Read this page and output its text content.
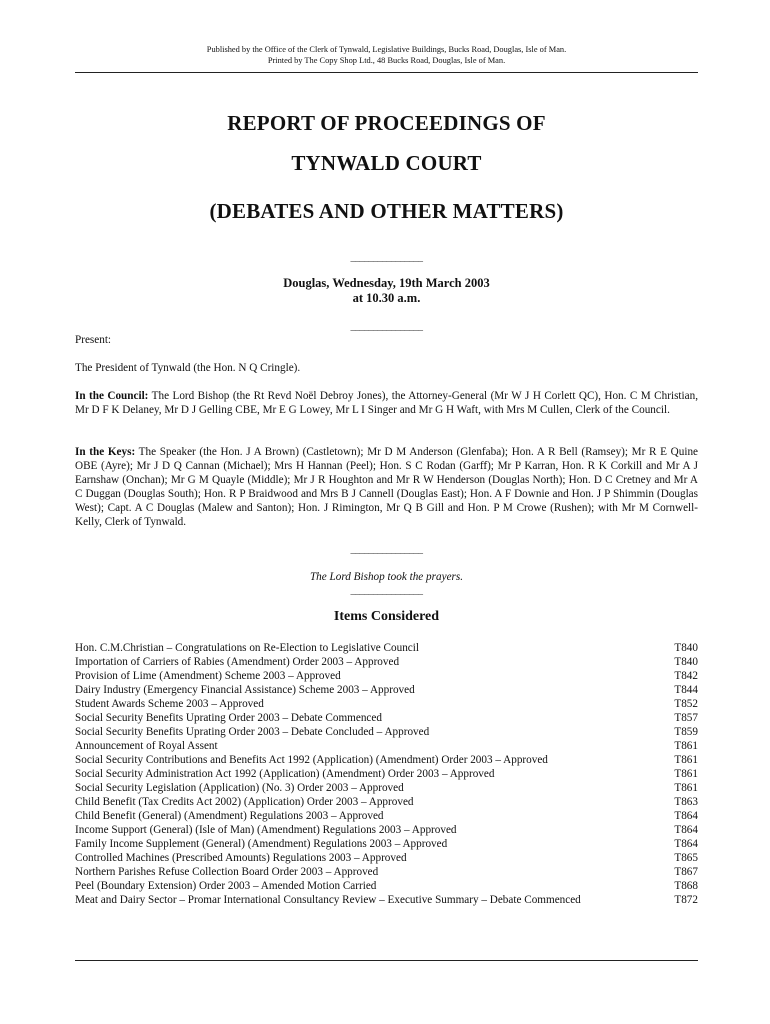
Published by the Office of the Clerk of Tynwald, Legislative Buildings, Bucks Road, Douglas, Isle of Man.
Printed by The Copy Shop Ltd., 48 Bucks Road, Douglas, Isle of Man.
REPORT OF PROCEEDINGS OF
TYNWALD COURT
(DEBATES AND OTHER MATTERS)
________________
Douglas, Wednesday, 19th March 2003
at 10.30 a.m.
________________
Present:
The President of Tynwald (the Hon. N Q Cringle).
In the Council: The Lord Bishop (the Rt Revd Noël Debroy Jones), the Attorney-General (Mr W J H Corlett QC), Hon. C M Christian, Mr D F K Delaney, Mr D J Gelling CBE, Mr E G Lowey, Mr L I Singer and Mr G H Waft, with Mrs M Cullen, Clerk of the Council.
In the Keys: The Speaker (the Hon. J A Brown) (Castletown); Mr D M Anderson (Glenfaba); Hon. A R Bell (Ramsey); Mr R E Quine OBE (Ayre); Mr J D Q Cannan (Michael); Mrs H Hannan (Peel); Hon. S C Rodan (Garff); Mr P Karran, Hon. R K Corkill and Mr A J Earnshaw (Onchan); Mr G M Quayle (Middle); Mr J R Houghton and Mr R W Henderson (Douglas North); Hon. D C Cretney and Mr A C Duggan (Douglas South); Hon. R P Braidwood and Mrs B J Cannell (Douglas East); Hon. A F Downie and Hon. J P Shimmin (Douglas West); Capt. A C Douglas (Malew and Santon); Hon. J Rimington, Mr Q B Gill and Hon. P M Crowe (Rushen); with Mr M Cornwell-Kelly, Clerk of Tynwald.
________________
The Lord Bishop took the prayers.
________________
Items Considered
Hon. C.M.Christian – Congratulations on Re-Election to Legislative Council	T840
Importation of Carriers of Rabies (Amendment) Order 2003 – Approved	T840
Provision of Lime (Amendment) Scheme 2003 – Approved	T842
Dairy Industry (Emergency Financial Assistance) Scheme 2003 – Approved	T844
Student Awards Scheme 2003 – Approved	T852
Social Security Benefits Uprating Order 2003 – Debate Commenced	T857
Social Security Benefits Uprating Order 2003 – Debate Concluded – Approved	T859
Announcement of Royal Assent	T861
Social Security Contributions and Benefits Act 1992 (Application) (Amendment) Order 2003 – Approved	T861
Social Security Administration Act 1992 (Application) (Amendment) Order 2003 – Approved	T861
Social Security Legislation (Application) (No. 3) Order 2003 – Approved	T861
Child Benefit (Tax Credits Act 2002) (Application) Order 2003 – Approved	T863
Child Benefit (General) (Amendment) Regulations 2003 – Approved	T864
Income Support (General) (Isle of Man) (Amendment) Regulations 2003 – Approved	T864
Family Income Supplement (General) (Amendment) Regulations 2003 – Approved	T864
Controlled Machines (Prescribed Amounts) Regulations 2003 – Approved	T865
Northern Parishes Refuse Collection Board Order 2003 – Approved	T867
Peel (Boundary Extension) Order 2003 – Amended Motion Carried	T868
Meat and Dairy Sector – Promar International Consultancy Review – Executive Summary – Debate Commenced	T872
